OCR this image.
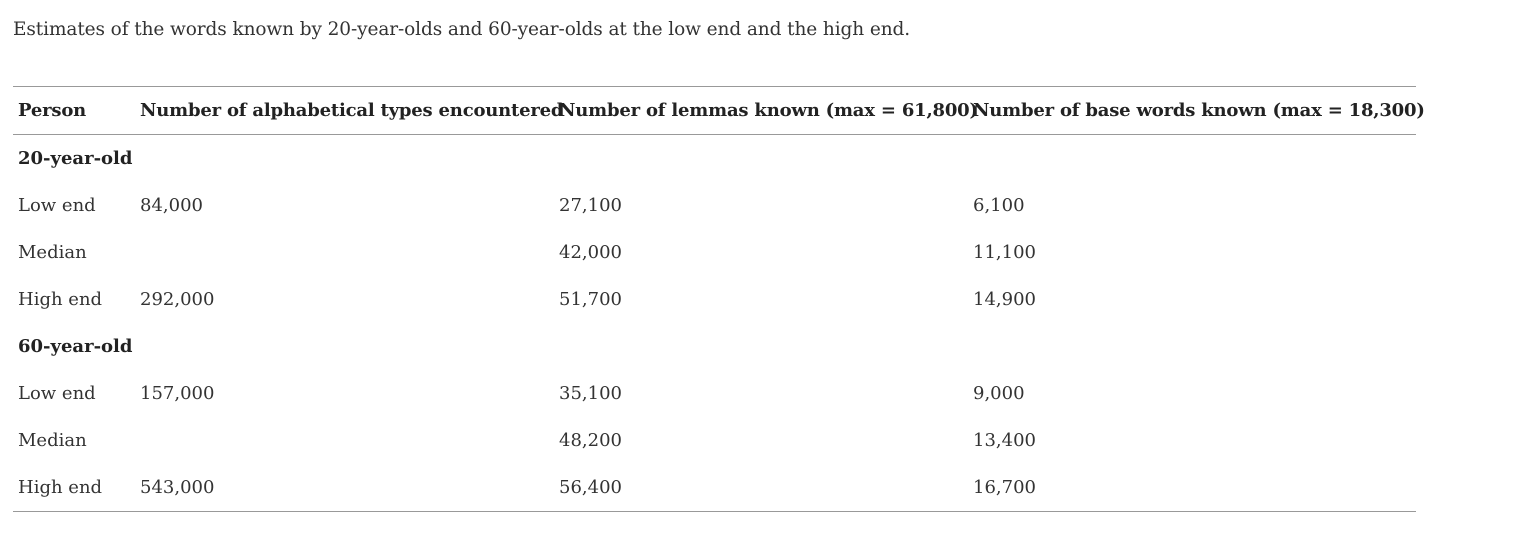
Estimates of the words known by 20-year-olds and 60-year-olds at the low end and the high end.
Person	Number of alphabetical types encountered	Number of lemmas known (max = 61,800)	Number of base words known (max = 18,300)
20-year-old			
Low end	84,000	27,100	6,100
Median		42,000	11,100
High end	292,000	51,700	14,900
60-year-old			
Low end	157,000	35,100	9,000
Median		48,200	13,400
High end	543,000	56,400	16,700
